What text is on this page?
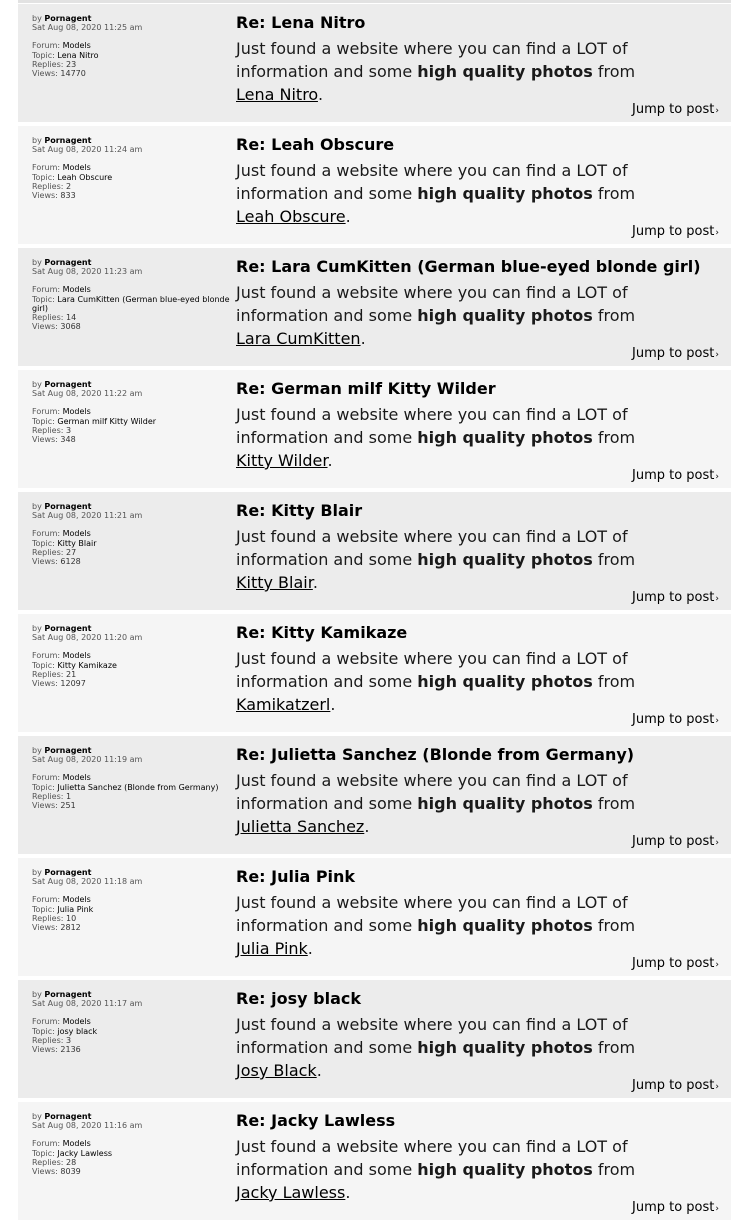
by Pornagent
Sat Aug 08, 2020 11:25 am
Forum: Models
Topic: Lena Nitro
Replies: 23
Views: 14770
Re: Lena Nitro
Just found a website where you can find a LOT of information and some high quality photos from Lena Nitro.
Jump to post›
by Pornagent
Sat Aug 08, 2020 11:24 am
Forum: Models
Topic: Leah Obscure
Replies: 2
Views: 833
Re: Leah Obscure
Just found a website where you can find a LOT of information and some high quality photos from Leah Obscure.
Jump to post›
by Pornagent
Sat Aug 08, 2020 11:23 am
Forum: Models
Topic: Lara CumKitten (German blue-eyed blonde girl)
Replies: 14
Views: 3068
Re: Lara CumKitten (German blue-eyed blonde girl)
Just found a website where you can find a LOT of information and some high quality photos from Lara CumKitten.
Jump to post›
by Pornagent
Sat Aug 08, 2020 11:22 am
Forum: Models
Topic: German milf Kitty Wilder
Replies: 3
Views: 348
Re: German milf Kitty Wilder
Just found a website where you can find a LOT of information and some high quality photos from Kitty Wilder.
Jump to post›
by Pornagent
Sat Aug 08, 2020 11:21 am
Forum: Models
Topic: Kitty Blair
Replies: 27
Views: 6128
Re: Kitty Blair
Just found a website where you can find a LOT of information and some high quality photos from Kitty Blair.
Jump to post›
by Pornagent
Sat Aug 08, 2020 11:20 am
Forum: Models
Topic: Kitty Kamikaze
Replies: 21
Views: 12097
Re: Kitty Kamikaze
Just found a website where you can find a LOT of information and some high quality photos from Kamikatzerl.
Jump to post›
by Pornagent
Sat Aug 08, 2020 11:19 am
Forum: Models
Topic: Julietta Sanchez (Blonde from Germany)
Replies: 1
Views: 251
Re: Julietta Sanchez (Blonde from Germany)
Just found a website where you can find a LOT of information and some high quality photos from Julietta Sanchez.
Jump to post›
by Pornagent
Sat Aug 08, 2020 11:18 am
Forum: Models
Topic: Julia Pink
Replies: 10
Views: 2812
Re: Julia Pink
Just found a website where you can find a LOT of information and some high quality photos from Julia Pink.
Jump to post›
by Pornagent
Sat Aug 08, 2020 11:17 am
Forum: Models
Topic: josy black
Replies: 3
Views: 2136
Re: josy black
Just found a website where you can find a LOT of information and some high quality photos from Josy Black.
Jump to post›
by Pornagent
Sat Aug 08, 2020 11:16 am
Forum: Models
Topic: Jacky Lawless
Replies: 28
Views: 8039
Re: Jacky Lawless
Just found a website where you can find a LOT of information and some high quality photos from Jacky Lawless.
Jump to post›
